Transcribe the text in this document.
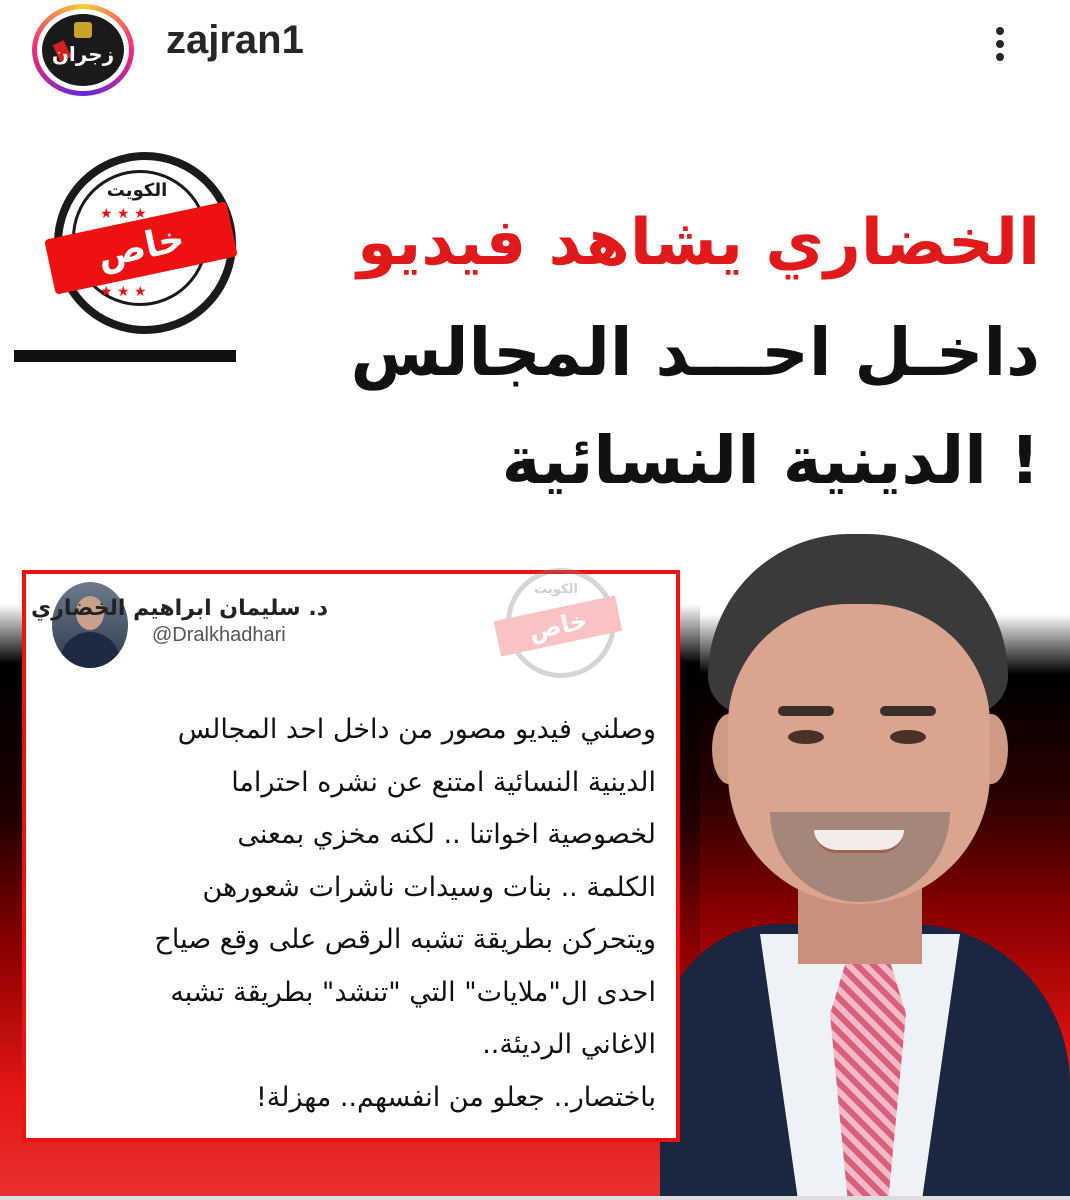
زجران zajran1
الكويت
★ ★ ★
★ ★ ★
خاص	الخضاري يشاهد فيديو
داخـل احـــد المجالس
الدينية النسائية !
د. سليمان ابراهيم الخضاري
@Dralkhadhari
الكويت
خاص
وصلني فيديو مصور من داخل احد المجالس
الدينية النسائية امتنع عن نشره احتراما
لخصوصية اخواتنا .. لكنه مخزي بمعنى
الكلمة .. بنات وسيدات ناشرات شعورهن
ويتحركن بطريقة تشبه الرقص على وقع صياح
احدى ال"ملايات" التي "تنشد" بطريقة تشبه
الاغاني الرديئة..
باختصار.. جعلو من انفسهم.. مهزلة!
